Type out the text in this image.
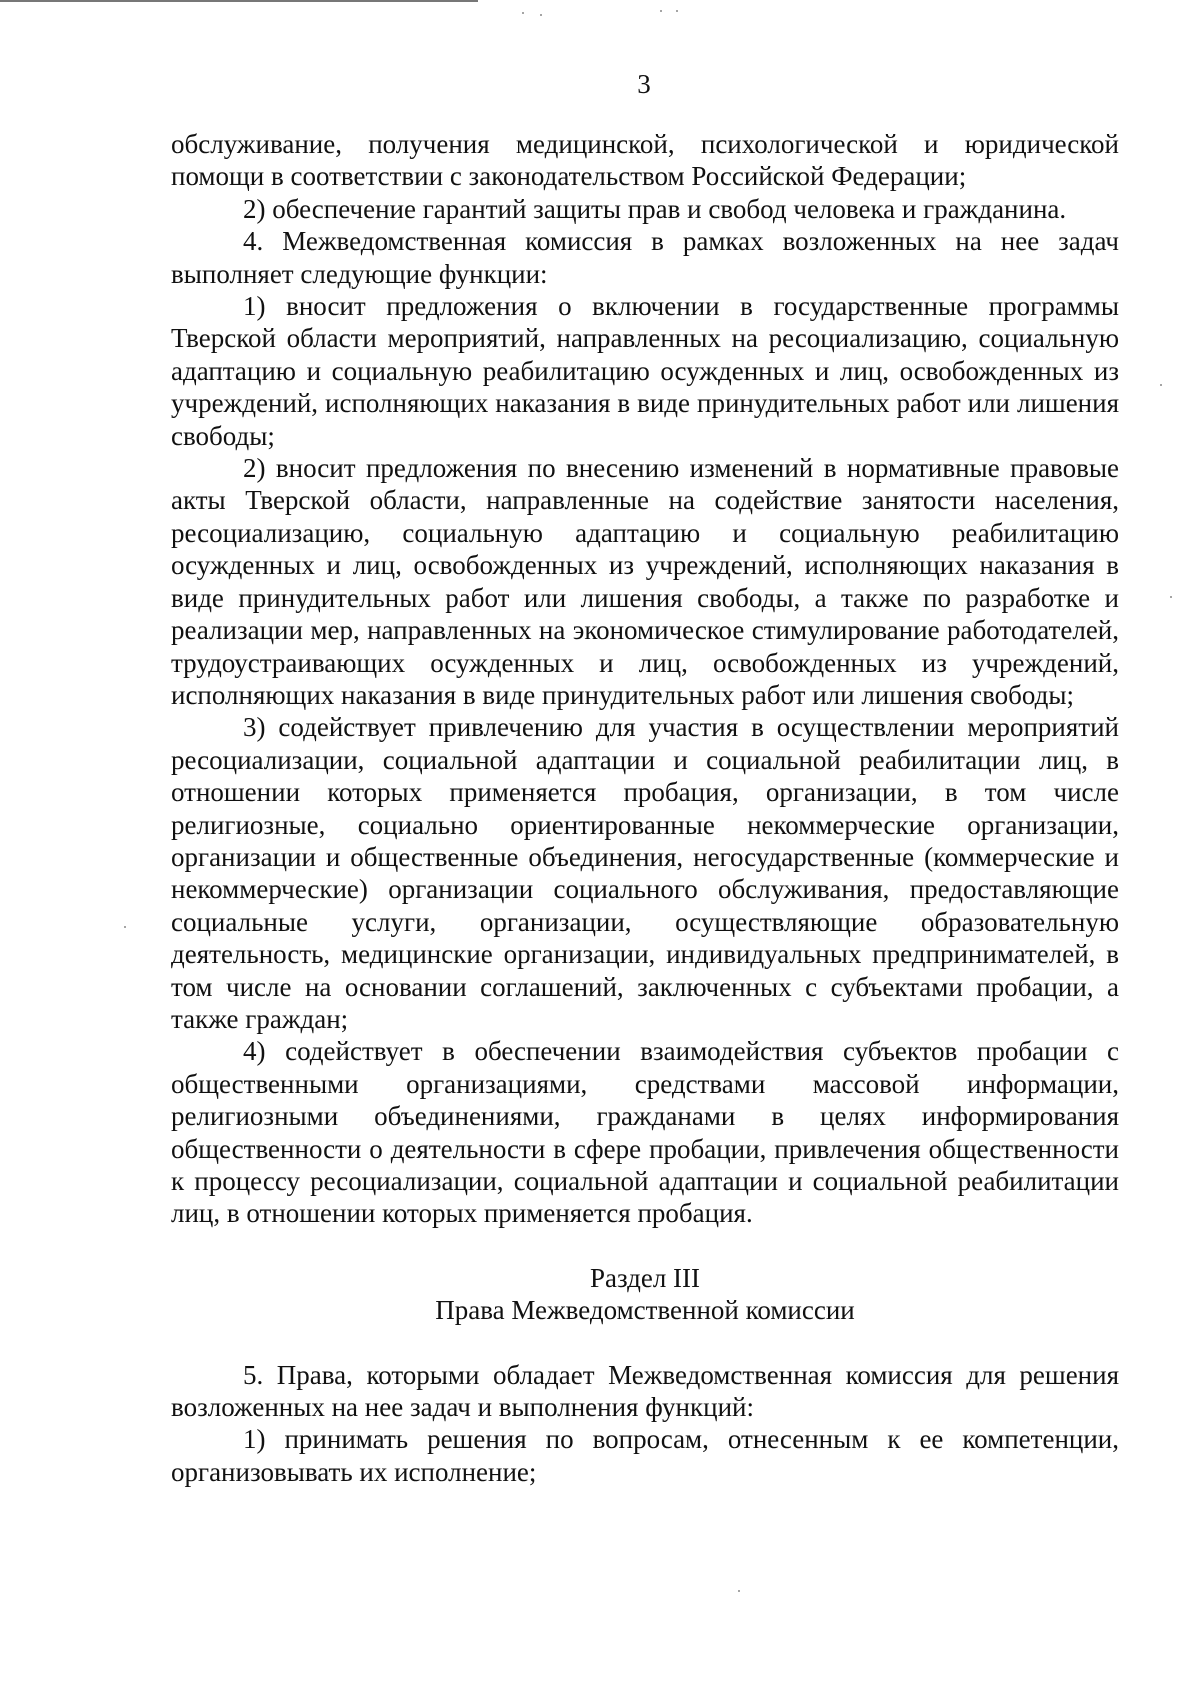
3

обслуживание, получения медицинской, психологической и юридической помощи в соответствии с законодательством Российской Федерации;

2) обеспечение гарантий защиты прав и свобод человека и гражданина.

4. Межведомственная комиссия в рамках возложенных на нее задач выполняет следующие функции:

1) вносит предложения о включении в государственные программы Тверской области мероприятий, направленных на ресоциализацию, социальную адаптацию и социальную реабилитацию осужденных и лиц, освобожденных из учреждений, исполняющих наказания в виде принудительных работ или лишения свободы;

2) вносит предложения по внесению изменений в нормативные правовые акты Тверской области, направленные на содействие занятости населения, ресоциализацию, социальную адаптацию и социальную реабилитацию осужденных и лиц, освобожденных из учреждений, исполняющих наказания в виде принудительных работ или лишения свободы, а также по разработке и реализации мер, направленных на экономическое стимулирование работодателей, трудоустраивающих осужденных и лиц, освобожденных из учреждений, исполняющих наказания в виде принудительных работ или лишения свободы;

3) содействует привлечению для участия в осуществлении мероприятий ресоциализации, социальной адаптации и социальной реабилитации лиц, в отношении которых применяется пробация, организации, в том числе религиозные, социально ориентированные некоммерческие организации, организации и общественные объединения, негосударственные (коммерческие и некоммерческие) организации социального обслуживания, предоставляющие социальные услуги, организации, осуществляющие образовательную деятельность, медицинские организации, индивидуальных предпринимателей, в том числе на основании соглашений, заключенных с субъектами пробации, а также граждан;

4) содействует в обеспечении взаимодействия субъектов пробации с общественными организациями, средствами массовой информации, религиозными объединениями, гражданами в целях информирования общественности о деятельности в сфере пробации, привлечения общественности к процессу ресоциализации, социальной адаптации и социальной реабилитации лиц, в отношении которых применяется пробация.

Раздел III
Права Межведомственной комиссии

5. Права, которыми обладает Межведомственная комиссия для решения возложенных на нее задач и выполнения функций:

1) принимать решения по вопросам, отнесенным к ее компетенции, организовывать их исполнение;
